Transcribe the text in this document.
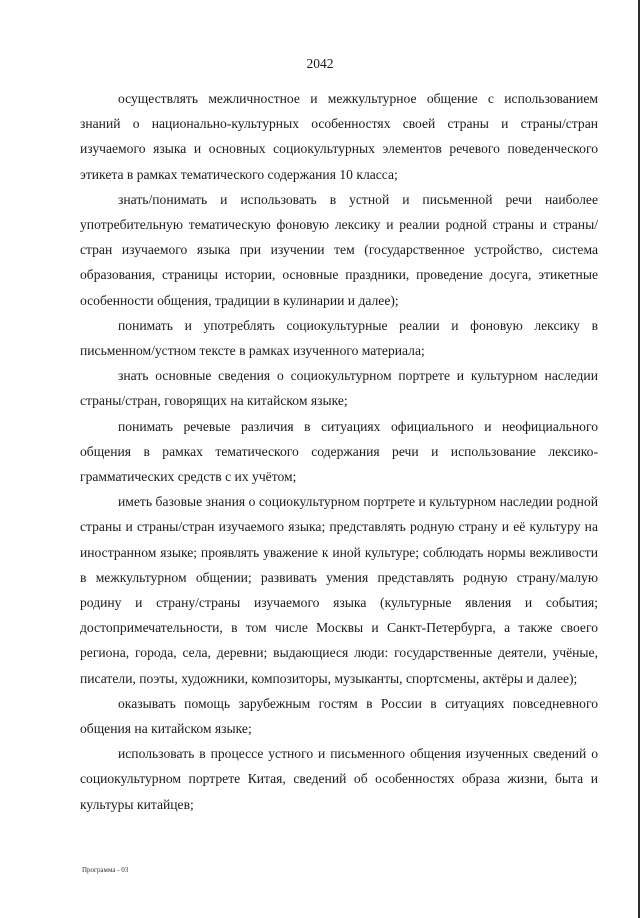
2042

осуществлять межличностное и межкультурное общение с использованием знаний о национально-культурных особенностях своей страны и страны/стран изучаемого языка и основных социокультурных элементов речевого поведенческого этикета в рамках тематического содержания 10 класса;

знать/понимать и использовать в устной и письменной речи наиболее употребительную тематическую фоновую лексику и реалии родной страны и страны/стран изучаемого языка при изучении тем (государственное устройство, система образования, страницы истории, основные праздники, проведение досуга, этикетные особенности общения, традиции в кулинарии и далее);

понимать и употреблять социокультурные реалии и фоновую лексику в письменном/устном тексте в рамках изученного материала;

знать основные сведения о социокультурном портрете и культурном наследии страны/стран, говорящих на китайском языке;

понимать речевые различия в ситуациях официального и неофициального общения в рамках тематического содержания речи и использование лексико-грамматических средств с их учётом;

иметь базовые знания о социокультурном портрете и культурном наследии родной страны и страны/стран изучаемого языка; представлять родную страну и её культуру на иностранном языке; проявлять уважение к иной культуре; соблюдать нормы вежливости в межкультурном общении; развивать умения представлять родную страну/малую родину и страну/страны изучаемого языка (культурные явления и события; достопримечательности, в том числе Москвы и Санкт-Петербурга, а также своего региона, города, села, деревни; выдающиеся люди: государственные деятели, учёные, писатели, поэты, художники, композиторы, музыканты, спортсмены, актёры и далее);

оказывать помощь зарубежным гостям в России в ситуациях повседневного общения на китайском языке;

использовать в процессе устного и письменного общения изученных сведений о социокультурном портрете Китая, сведений об особенностях образа жизни, быта и культуры китайцев;

Программа - 03
